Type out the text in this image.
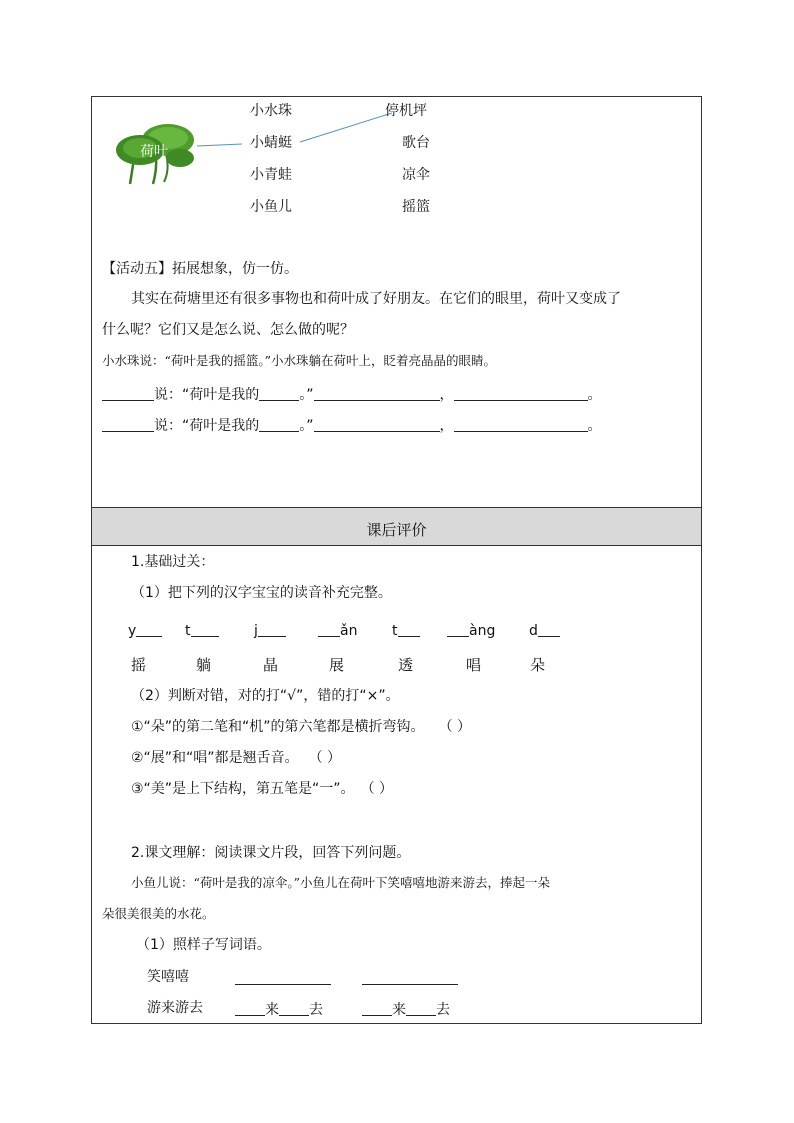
荷叶
小水珠
小蜻蜓
小青蛙
小鱼儿
停机坪
歌台
凉伞
摇篮
【活动五】拓展想象，仿一仿。
其实在荷塘里还有很多事物也和荷叶成了好朋友。在它们的眼里，荷叶又变成了
什么呢？它们又是怎么说、怎么做的呢？
小水珠说：“荷叶是我的摇篮。”小水珠躺在荷叶上，眨着亮晶晶的眼睛。
说：“荷叶是我的	。”	，	。
说：“荷叶是我的	。”	，	。
课后评价
1.基础过关：
（1）把下列的汉字宝宝的读音补充完整。
y	t	j	ǎn t	àng d
摇	躺	晶	展	透	唱	朵
（2）判断对错，对的打“√”，错的打“×”。
①“朵”的第二笔和“机”的第六笔都是横折弯钩。 （ ）
②“展”和“唱”都是翘舌音。 （ ）
③“美”是上下结构，第五笔是“一”。 （ ）
2.课文理解：阅读课文片段，回答下列问题。
小鱼儿说：“荷叶是我的凉伞。”小鱼儿在荷叶下笑嘻嘻地游来游去，捧起一朵
朵很美很美的水花。
（1）照样子写词语。
笑嘻嘻
游来游去	来 去	来 去
